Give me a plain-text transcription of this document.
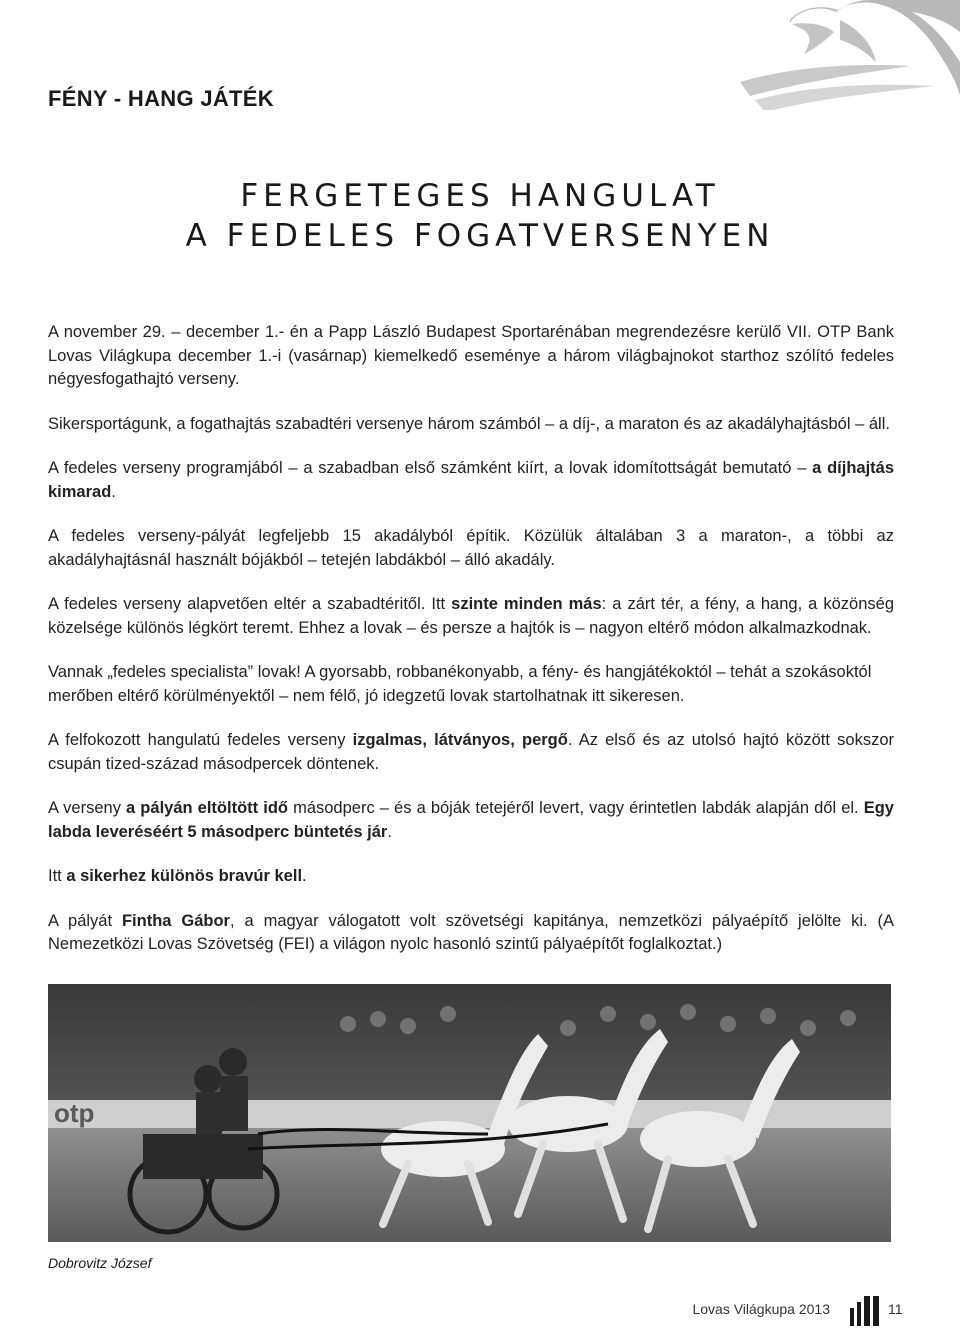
FÉNY - HANG JÁTÉK
FERGETEGES HANGULAT
A FEDELES FOGATVERSENYEN

A november 29. – december 1.- én a Papp László Budapest Sportarénában megrendezésre kerülő VII. OTP Bank Lovas Világkupa december 1.-i (vasárnap) kiemelkedő eseménye a három világbajnokot starthoz szólító fedeles négyesfogathajtó verseny.

Sikersportágunk, a fogathajtás szabadtéri versenye három számból – a díj-, a maraton és az akadályhajtásból – áll.

A fedeles verseny programjából – a szabadban első számként kiírt, a lovak idomítottságát bemutató – a díjhajtás kimarad.

A fedeles verseny-pályát legfeljebb 15 akadályból építik. Közülük általában 3 a maraton-, a többi az akadályhajtásnál használt bójákból – tetején labdákból – álló akadály.

A fedeles verseny alapvetően eltér a szabadtéritől. Itt szinte minden más: a zárt tér, a fény, a hang, a közönség közelsége különös légkört teremt. Ehhez a lovak – és persze a hajtók is – nagyon eltérő módon alkalmazkodnak.

Vannak „fedeles specialista” lovak! A gyorsabb, robbanékonyabb, a fény- és hangjátékoktól – tehát a szokásoktól merőben eltérő körülményektől – nem félő, jó idegzetű lovak startolhatnak itt sikeresen.

A felfokozott hangulatú fedeles verseny izgalmas, látványos, pergő. Az első és az utolsó hajtó között sokszor csupán tized-század másodpercek döntenek.

A verseny a pályán eltöltött idő másodperc – és a bóják tetejéről levert, vagy érintetlen labdák alapján dől el. Egy labda leveréséért 5 másodperc büntetés jár.

Itt a sikerhez különös bravúr kell.

A pályát Fintha Gábor, a magyar válogatott volt szövetségi kapitánya, nemzetközi pályaépítő jelölte ki. (A Nemezetközi Lovas Szövetség (FEI) a világon nyolc hasonló szintű pályaépítőt foglalkoztat.)

otp
Dobrovitz József
Lovas Világkupa 2013	11
